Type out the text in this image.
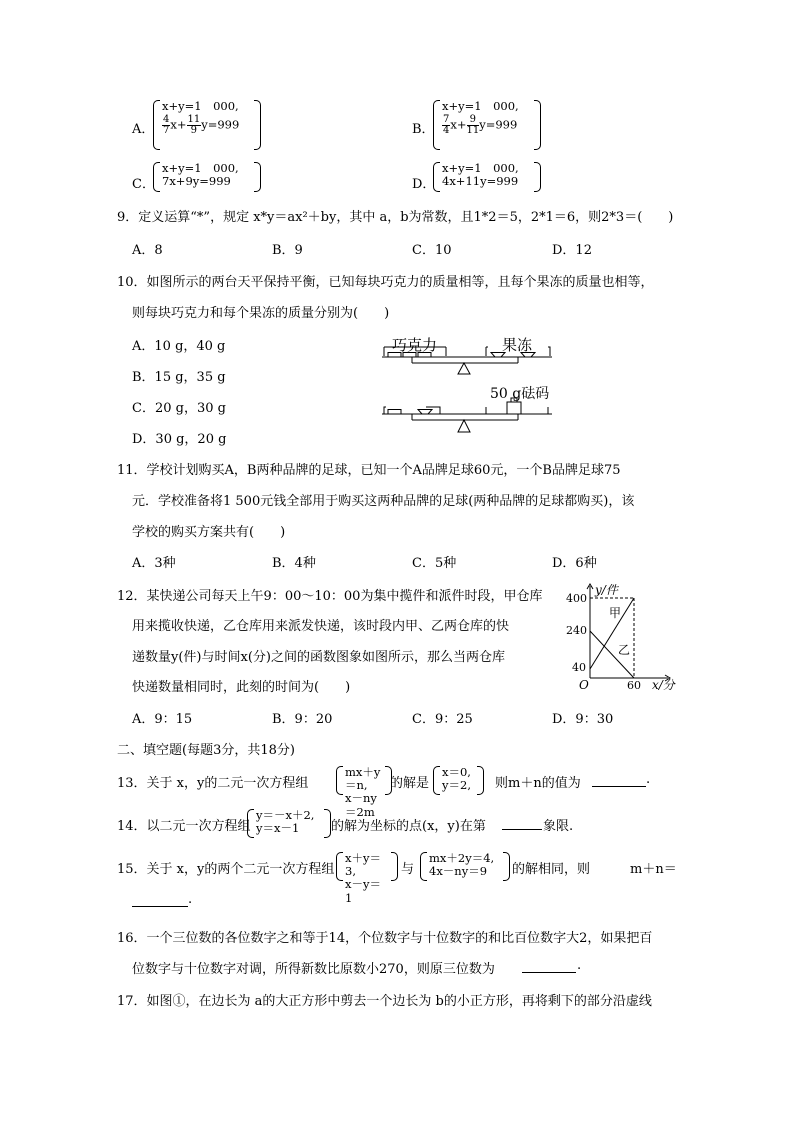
A．
x+y=1　000,
$\frac{4}{7} x+ \frac{11}{9} y=999$	B．
x+y=1　000,
$\frac{7}{4} x+ \frac{9}{11} y=999$
C．
x+y=1　000,
7x+9y=999	D．
x+y=1　000,
4x+11y=999
9．定义运算“*”，规定 x*y＝ax²＋by，其中 a，b为常数，且1*2＝5，2*1＝6，则2*3＝(　　)
A．8	B．9	C．10	D．12
10．如图所示的两台天平保持平衡，已知每块巧克力的质量相等，且每个果冻的质量也相等，
则每块巧克力和每个果冻的质量分别为(　　)
A．10 g，40 g
B．15 g，35 g
C．20 g，30 g
D．30 g，20 g
巧克力	果冻
50 g砝码
11．学校计划购买A，B两种品牌的足球，已知一个A品牌足球60元，一个B品牌足球75
元．学校准备将1 500元钱全部用于购买这两种品牌的足球(两种品牌的足球都购买)，该
学校的购买方案共有(　　)
A．3种	B．4种	C．5种	D．6种
12．某快递公司每天上午9：00～10：00为集中揽件和派件时段，甲仓库
用来揽收快递，乙仓库用来派发快递，该时段内甲、乙两仓库的快
递数量y(件)与时间x(分)之间的函数图象如图所示，那么当两仓库
快递数量相同时，此刻的时间为(　　)
A．9：15	B．9：20	C．9：25	D．9：30
y/件
x/分
O
400
240
40
60
甲
乙
二、填空题(每题3分，共18分)
13．关于 x，y的二元一次方程组
mx＋y＝n,
x－ny＝2m
的解是
x＝0,
y＝2, 则m＋n的值为	.
14．以二元一次方程组
y＝－x＋2,
y＝x－1	的解为坐标的点(x，y)在第	象限.
15．关于 x，y的两个二元一次方程组
x＋y＝3,
x－y＝1
与
mx＋2y＝4,
4x－ny＝9	的解相同，则	m＋n＝
.
16．一个三位数的各位数字之和等于14，个位数字与十位数字的和比百位数字大2，如果把百
位数字与十位数字对调，所得新数比原数小270，则原三位数为	.
17．如图①，在边长为 a的大正方形中剪去一个边长为 b的小正方形，再将剩下的部分沿虚线
